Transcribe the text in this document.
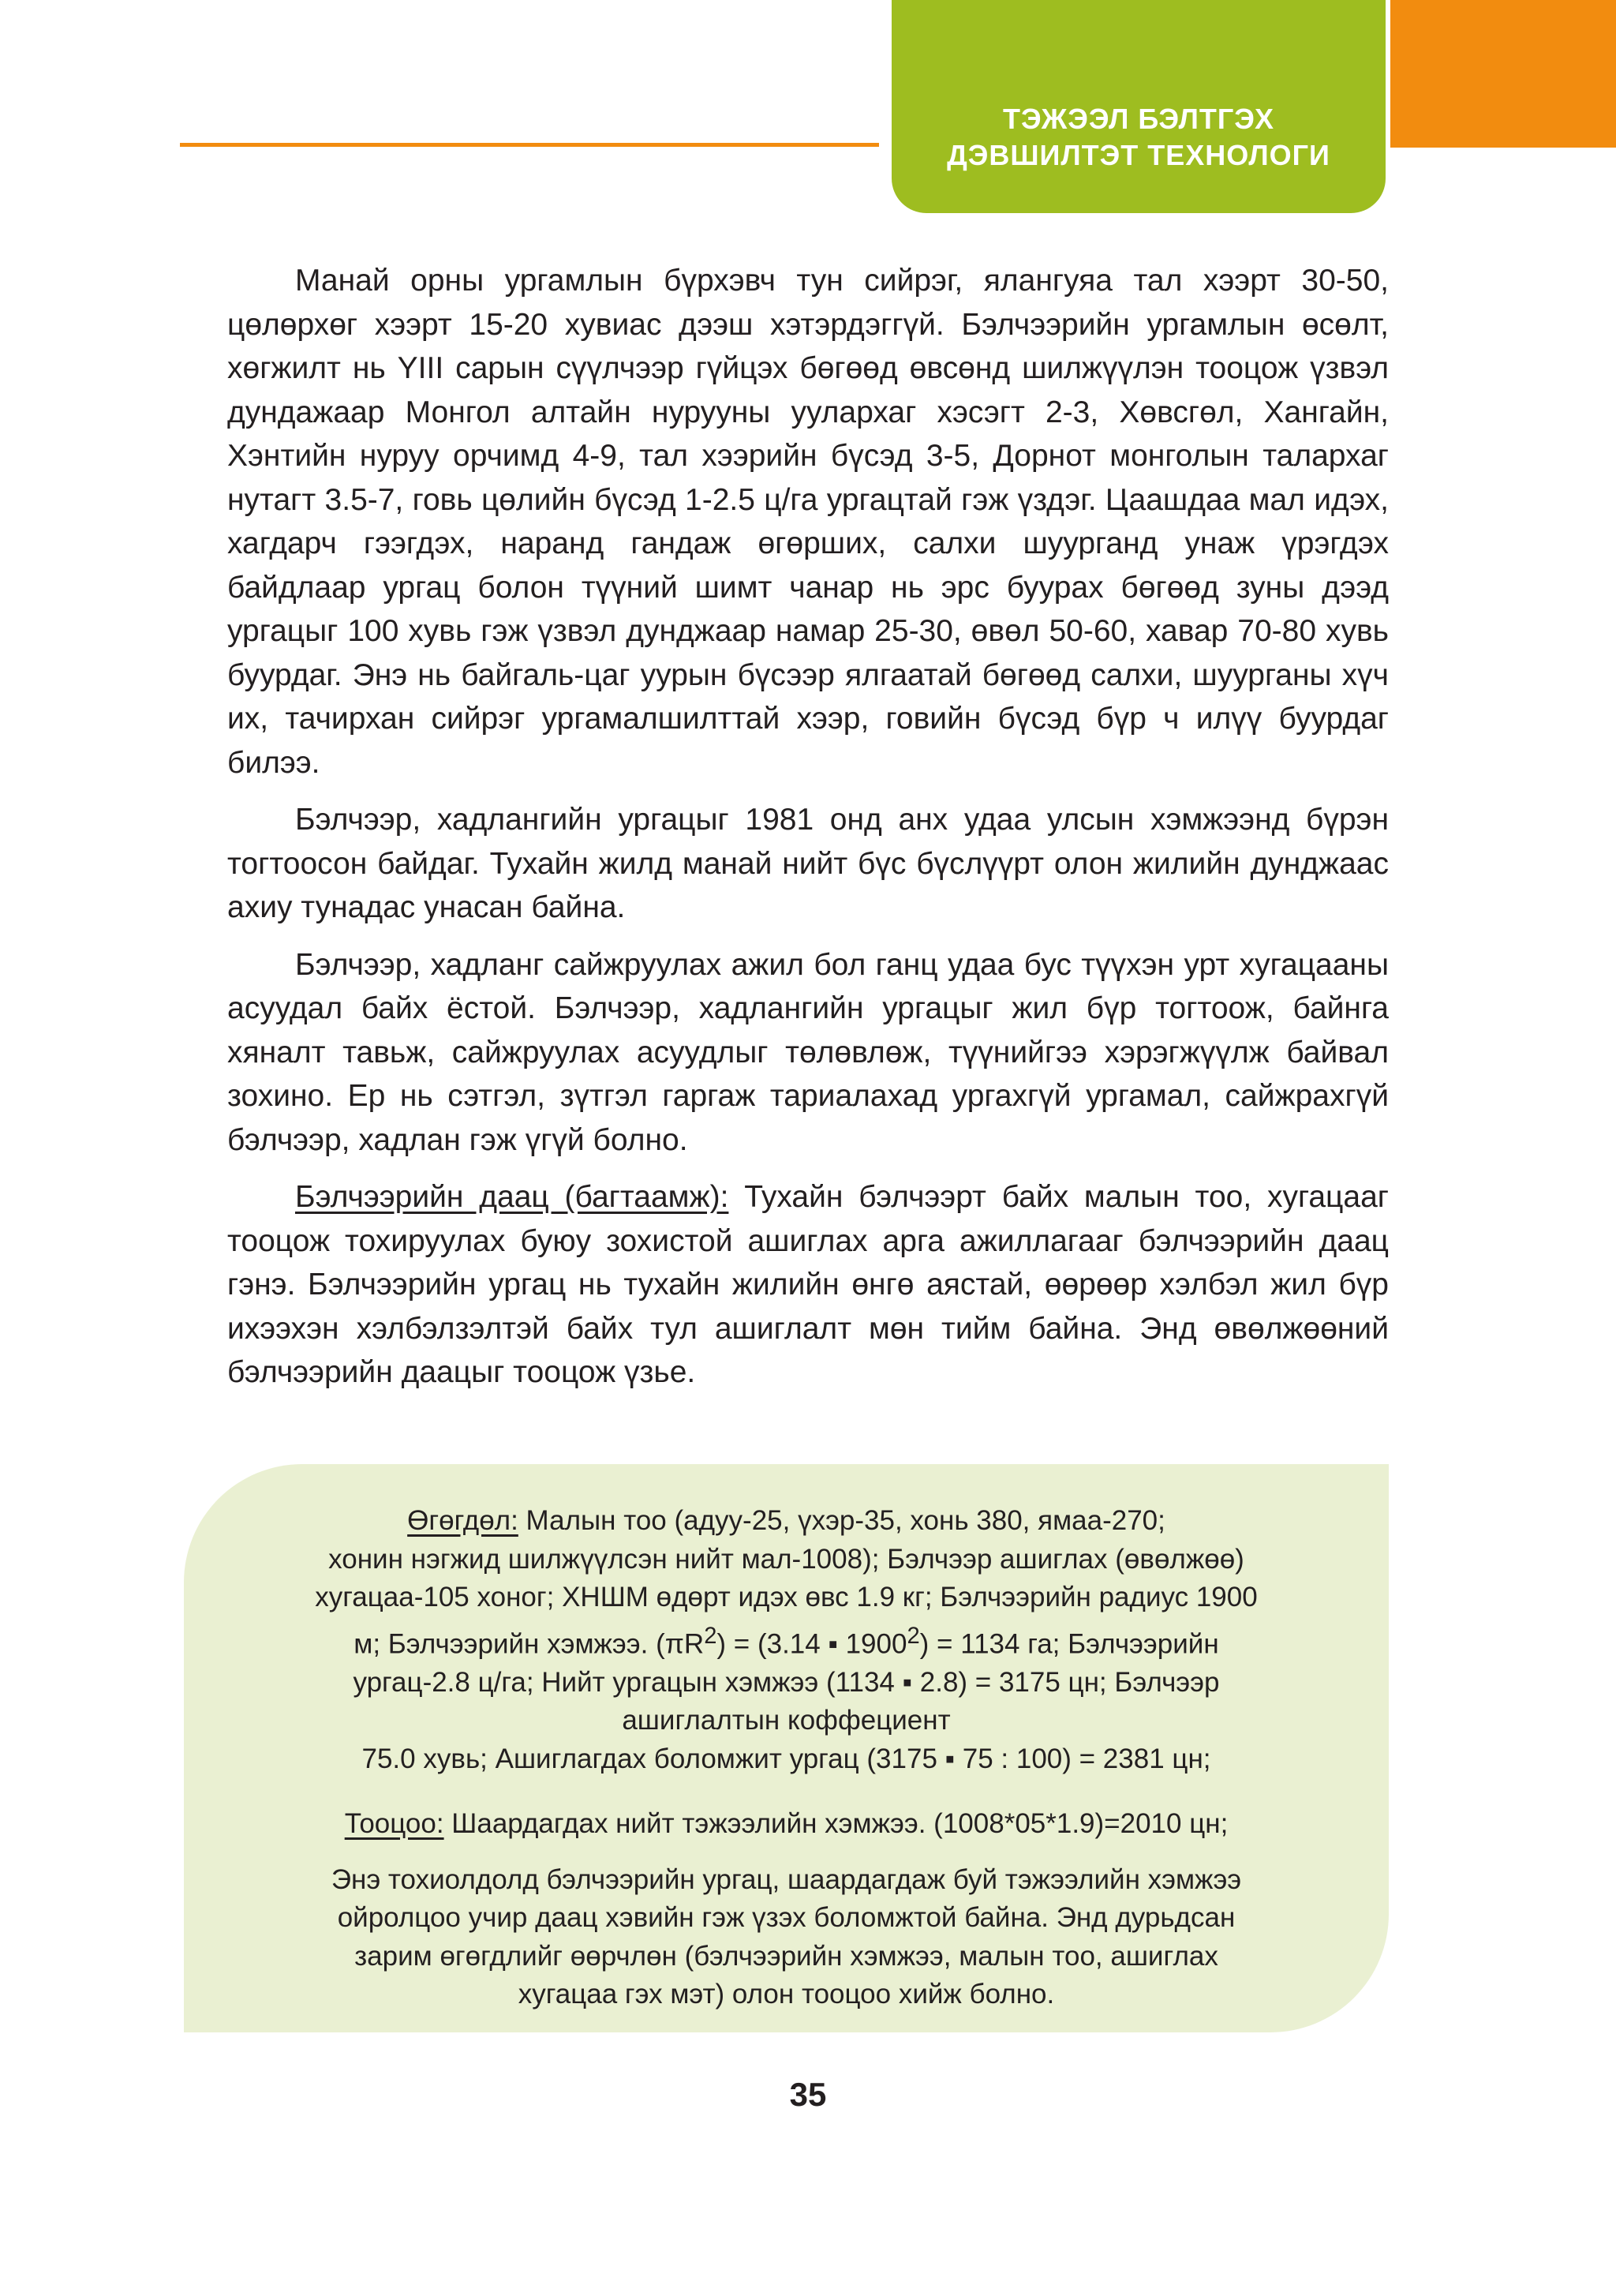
ТЭЖЭЭЛ БЭЛТГЭХ
ДЭВШИЛТЭТ ТЕХНОЛОГИ

Манай орны ургамлын бүрхэвч тун сийрэг, ялангуяа тал хээрт 30-50, цөлөрхөг хээрт 15-20 хувиас дээш хэтэрдэггүй. Бэлчээрийн ургамлын өсөлт, хөгжилт нь YIII сарын сүүлчээр гүйцэх бөгөөд өвсөнд шилжүүлэн тооцож үзвэл дундажаар Монгол алтайн нурууны уулархаг хэсэгт 2-3, Хөвсгөл, Хангайн, Хэнтийн нуруу орчимд 4-9, тал хээрийн бүсэд 3-5, Дорнот монголын талархаг нутагт 3.5-7, говь цөлийн бүсэд 1-2.5 ц/га ургацтай гэж үздэг. Цаашдаа мал идэх, хагдарч гээгдэх, наранд гандаж өгөрших, салхи шуурганд унаж үрэгдэх байдлаар ургац болон түүний шимт чанар нь эрс буурах бөгөөд зуны дээд ургацыг 100 хувь гэж үзвэл дунджаар намар 25-30, өвөл 50-60, хавар 70-80 хувь буурдаг. Энэ нь байгаль-цаг уурын бүсээр ялгаатай бөгөөд салхи, шуурганы хүч их, тачирхан сийрэг ургамалшилттай хээр, говийн бүсэд бүр ч илүү буурдаг билээ.

Бэлчээр, хадлангийн ургацыг 1981 онд анх удаа улсын хэмжээнд бүрэн тогтоосон байдаг. Тухайн жилд манай нийт бүс бүслүүрт олон жилийн дунджаас ахиу тунадас унасан байна.

Бэлчээр, хадланг сайжруулах ажил бол ганц удаа бус түүхэн урт хугацааны асуудал байх ёстой. Бэлчээр, хадлангийн ургацыг жил бүр тогтоож, байнга хяналт тавьж, сайжруулах асуудлыг төлөвлөж, түүнийгээ хэрэгжүүлж байвал зохино. Ер нь сэтгэл, зүтгэл гаргаж тариалахад ургахгүй ургамал, сайжрахгүй бэлчээр, хадлан гэж үгүй болно.

Бэлчээрийн даац (багтаамж): Тухайн бэлчээрт байх малын тоо, хугацааг тооцож тохируулах буюу зохистой ашиглах арга ажиллагааг бэлчээрийн даац гэнэ. Бэлчээрийн ургац нь тухайн жилийн өнгө аястай, өөрөөр хэлбэл жил бүр ихээхэн хэлбэлзэлтэй байх тул ашиглалт мөн тийм байна. Энд өвөлжөөний бэлчээрийн даацыг тооцож үзье.

Өгөгдөл: Малын тоо (адуу-25, үхэр-35, хонь 380, ямаа-270;

хонин нэгжид шилжүүлсэн нийт мал-1008); Бэлчээр ашиглах (өвөлжөө)

хугацаа-105 хоног; ХНШМ өдөрт идэх өвс 1.9 кг; Бэлчээрийн радиус 1900

м; Бэлчээрийн хэмжээ. $(\pi R^2) = (3.14$ ▪ $1900^2) = 1134$ га; Бэлчээрийн

ургац-2.8 ц/га; Нийт ургацын хэмжээ (1134 ▪ 2.8) = 3175 цн; Бэлчээр

ашиглалтын коффециент

75.0 хувь; Ашиглагдах боломжит ургац (3175 ▪ 75 : 100) = 2381 цн;

Тооцоо: Шаардагдах нийт тэжээлийн хэмжээ. (1008*05*1.9)=2010 цн;

Энэ тохиолдолд бэлчээрийн ургац, шаардагдаж буй тэжээлийн хэмжээ

ойролцоо учир даац хэвийн гэж үзэх боломжтой байна. Энд дурьдсан

зарим өгөгдлийг өөрчлөн (бэлчээрийн хэмжээ, малын тоо, ашиглах

хугацаа гэх мэт) олон тооцоо хийж болно.

35
